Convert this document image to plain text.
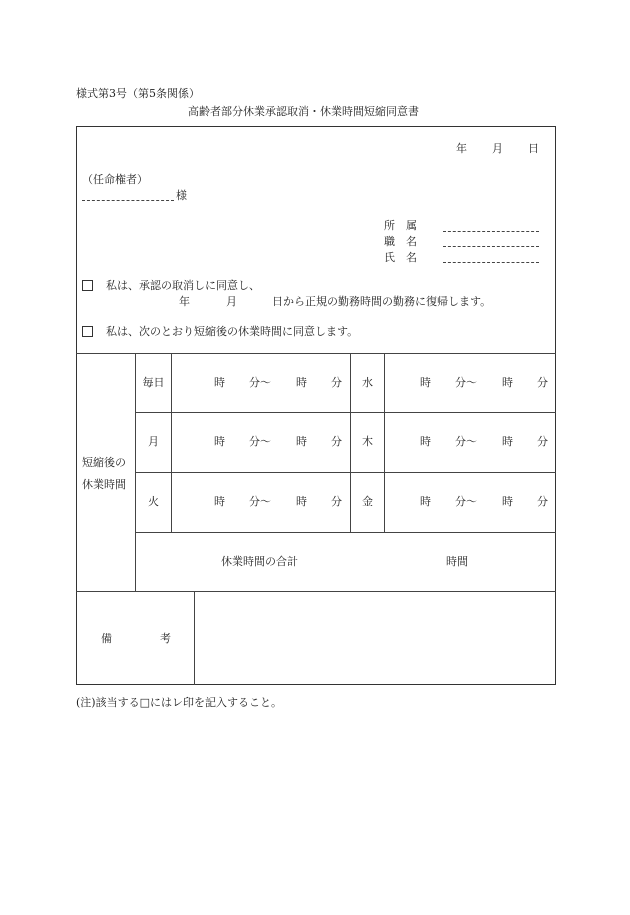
様式第3号（第5条関係）
高齢者部分休業承認取消・休業時間短縮同意書
年 月 日
（任命権者）
様
所　属
職　名
氏　名
私は、承認の取消しに同意し、
年	月	日から正規の勤務時間の勤務に復帰します。
私は、次のとおり短縮後の休業時間に同意します。
短縮後の
休業時間
毎日	時 分〜 時 分	水	時 分〜 時 分
月	時 分〜 時 分	木	時 分〜 時 分
火	時 分〜 時 分	金	時 分〜 時 分
休業時間の合計	時間
備	考
(注)該当する□にはレ印を記入すること。
